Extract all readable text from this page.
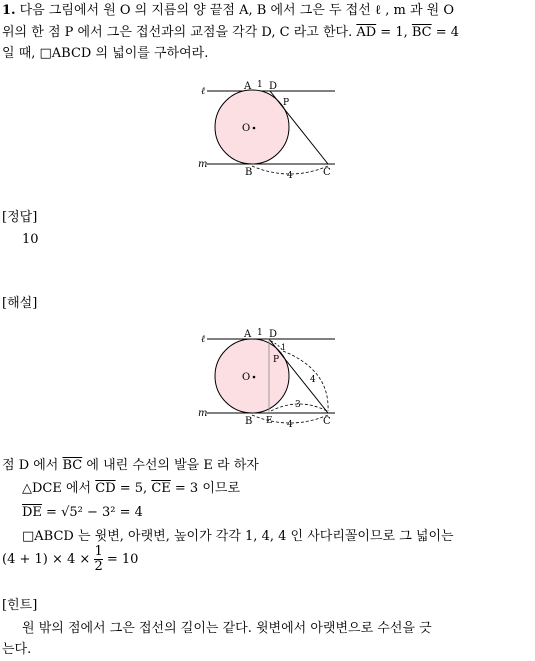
1. 다음 그림에서 원 O 의 지름의 양 끝점 A, B 에서 그은 두 접선 ℓ , m 과 원 O
위의 한 점 P 에서 그은 접선과의 교점을 각각 D, C 라고 한다. $\overline{AD} = 1$, $\overline{BC} = 4$
일 때, □ABCD 의 넓이를 구하여라.
ℓ
m
A 1 D
P
O
B	4	C
[정답]
10
[해설]
ℓ
m
A 1 D
1
P
O	4
3
B E 4	C
점 D 에서 $\overline{BC}$ 에 내린 수선의 발을 E 라 하자
△DCE 에서 $\overline{CD} = 5$, $\overline{CE} = 3$ 이므로
$\overline{DE} = √5^2 - 3^2 = 4$
□ABCD 는 윗변, 아랫변, 높이가 각각 1, 4, 4 인 사다리꼴이므로 그 넓이는
$(4 + 1) \times 4 \times \frac{1}{2} = 10$
[힌트]
원 밖의 점에서 그은 접선의 길이는 같다. 윗변에서 아랫변으로 수선을 긋
는다.
